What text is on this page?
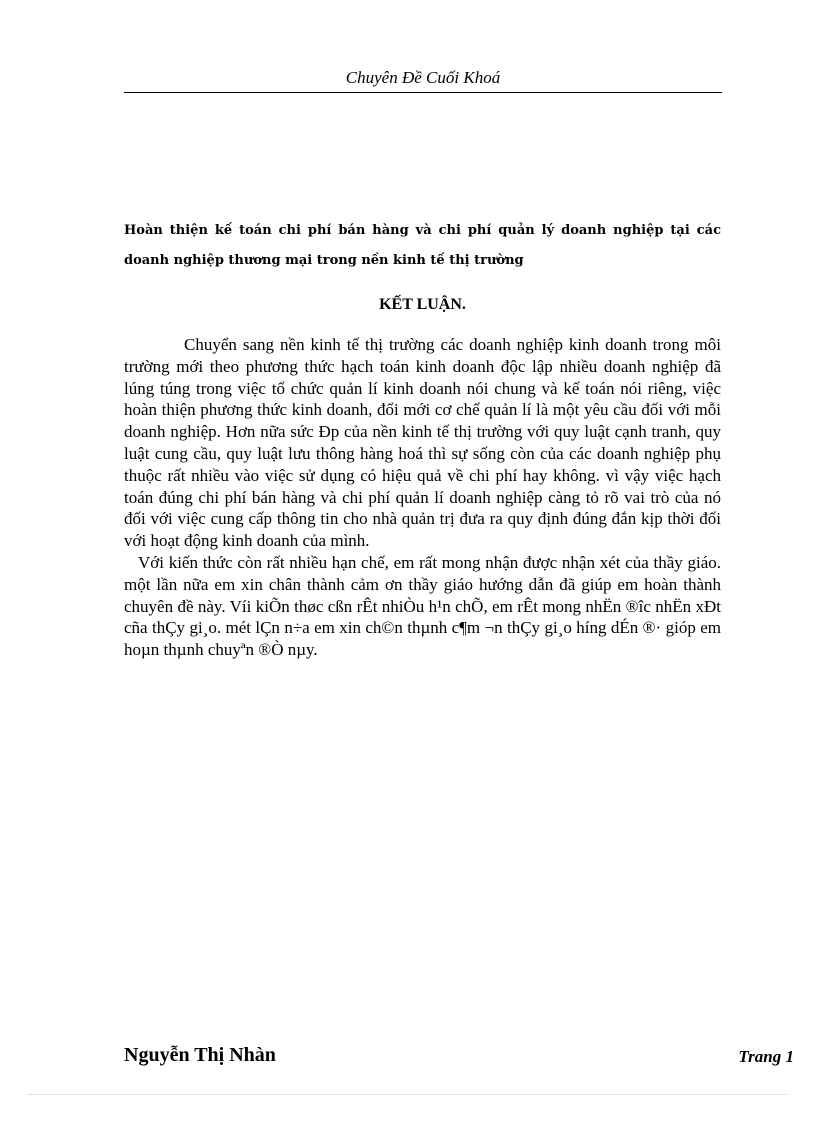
Chuyên Đề Cuối Khoá
Hoàn thiện kế toán chi phí bán hàng và chi phí quản lý doanh nghiệp tại các doanh nghiệp thương mại trong nền kinh tế thị trường
KẾT LUẬN.

Chuyển sang nền kinh tế thị trường các doanh nghiệp kinh doanh trong môi trường mới theo phương thức hạch toán kinh doanh độc lập nhiều doanh nghiệp đã lúng túng trong việc tổ chức quản lí kinh doanh nói chung và kế toán nói riêng, việc hoàn thiện phương thức kinh doanh, đổi mới cơ chế quản lí là một yêu cầu đối với mỗi doanh nghiệp. Hơn nữa sức Đp của nền kinh tế thị trường với quy luật cạnh tranh, quy luật cung cầu, quy luật lưu thông hàng hoá thì sự sống còn của các doanh nghiệp phụ thuộc rất nhiều vào việc sử dụng có hiệu quả về chi phí hay không. vì vậy việc hạch toán đúng chi phí bán hàng và chi phí quản lí doanh nghiệp càng tỏ rõ vai trò của nó đối với việc cung cấp thông tin cho nhà quản trị đưa ra quy định đúng đắn kịp thời đối với hoạt động kinh doanh của mình.

Với kiến thức còn rất nhiều hạn chế, em rất mong nhận được nhận xét của thầy giáo. một lần nữa em xin chân thành cảm ơn thầy giáo hướng dẫn đã giúp em hoàn thành chuyên đề này. Víi kiÕn thøc cßn rÊt nhiÒu h¹n chÕ, em rÊt mong nhËn ®îc nhËn xÐt cña thÇy gi¸o. mét lÇn n÷a em xin ch©n thµnh c¶m ¬n thÇy gi¸o híng dÉn ®· gióp em hoµn thµnh chuyªn ®Ò nµy.

Nguyễn Thị Nhàn	Trang 1
